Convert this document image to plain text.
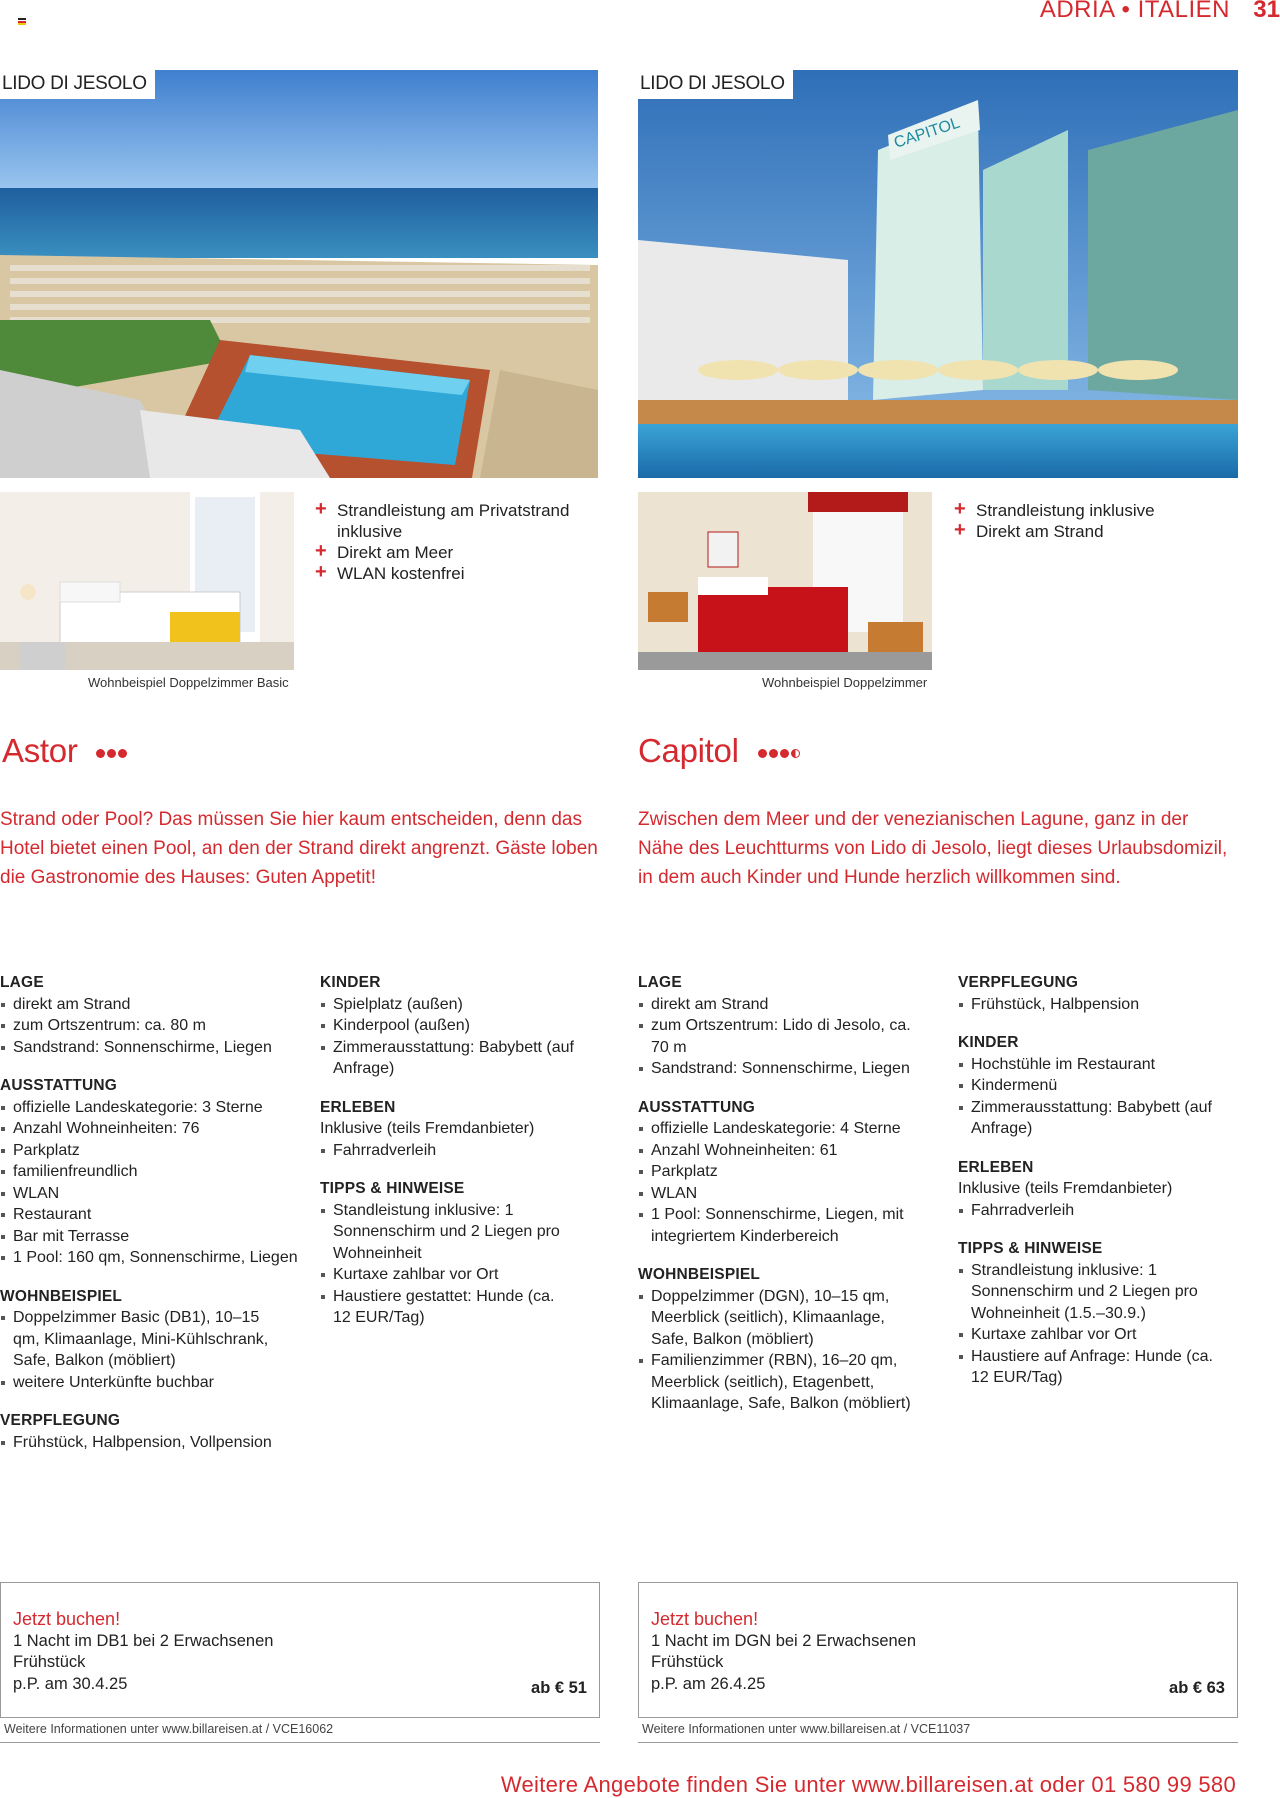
ADRIA • ITALIEN 31
LIDO DI JESOLO
Wohnbeispiel Doppelzimmer Basic
+ Strandleistung am Privatstrand inklusive
+ Direkt am Meer
+ WLAN kostenfrei
Astor
Strand oder Pool? Das müssen Sie hier kaum entscheiden, denn das Hotel bietet einen Pool, an den der Strand direkt angrenzt. Gäste loben die Gastronomie des Hauses: Guten Appetit!

LAGE

direkt am Strand
zum Ortszentrum: ca. 80 m
Sandstrand: Sonnenschirme, Liegen

AUSSTATTUNG

offizielle Landeskategorie: 3 Sterne
Anzahl Wohneinheiten: 76
Parkplatz
familienfreundlich
WLAN
Restaurant
Bar mit Terrasse
1 Pool: 160 qm, Sonnenschirme, Liegen

WOHNBEISPIEL

Doppelzimmer Basic (DB1), 10–15 qm, Klimaanlage, Mini-Kühlschrank, Safe, Balkon (möbliert)
weitere Unterkünfte buchbar

VERPFLEGUNG

Frühstück, Halbpension, Vollpension

KINDER

Spielplatz (außen)
Kinderpool (außen)
Zimmerausstattung: Babybett (auf Anfrage)

ERLEBEN

Inklusive (teils Fremdanbieter)
Fahrradverleih

TIPPS & HINWEISE

Standleistung inklusive: 1 Sonnenschirm und 2 Liegen pro Wohneinheit
Kurtaxe zahlbar vor Ort
Haustiere gestattet: Hunde (ca. 12 EUR/Tag)
Jetzt buchen!
1 Nacht im DB1 bei 2 Erwachsenen
Frühstück
p.P. am 30.4.25	ab € 51
Weitere Informationen unter www.billareisen.at / VCE16062
LIDO DI JESOLO
CAPITOL
Wohnbeispiel Doppelzimmer
+ Strandleistung inklusive
+ Direkt am Strand
Capitol
Zwischen dem Meer und der venezianischen Lagune, ganz in der Nähe des Leuchtturms von Lido di Jesolo, liegt dieses Urlaubsdomizil, in dem auch Kinder und Hunde herzlich willkommen sind.

LAGE

direkt am Strand
zum Ortszentrum: Lido di Jesolo, ca. 70 m
Sandstrand: Sonnenschirme, Liegen

AUSSTATTUNG

offizielle Landeskategorie: 4 Sterne
Anzahl Wohneinheiten: 61
Parkplatz
WLAN
1 Pool: Sonnenschirme, Liegen, mit integriertem Kinderbereich

WOHNBEISPIEL

Doppelzimmer (DGN), 10–15 qm, Meerblick (seitlich), Klimaanlage, Safe, Balkon (möbliert)
Familienzimmer (RBN), 16–20 qm, Meerblick (seitlich), Etagenbett, Klimaanlage, Safe, Balkon (möbliert)

VERPFLEGUNG

Frühstück, Halbpension

KINDER

Hochstühle im Restaurant
Kindermenü
Zimmerausstattung: Babybett (auf Anfrage)

ERLEBEN

Inklusive (teils Fremdanbieter)
Fahrradverleih

TIPPS & HINWEISE

Strandleistung inklusive: 1 Sonnenschirm und 2 Liegen pro Wohneinheit (1.5.–30.9.)
Kurtaxe zahlbar vor Ort
Haustiere auf Anfrage: Hunde (ca. 12 EUR/Tag)
Jetzt buchen!
1 Nacht im DGN bei 2 Erwachsenen
Frühstück
p.P. am 26.4.25	ab € 63
Weitere Informationen unter www.billareisen.at / VCE11037
Weitere Angebote finden Sie unter www.billareisen.at oder 01 580 99 580
